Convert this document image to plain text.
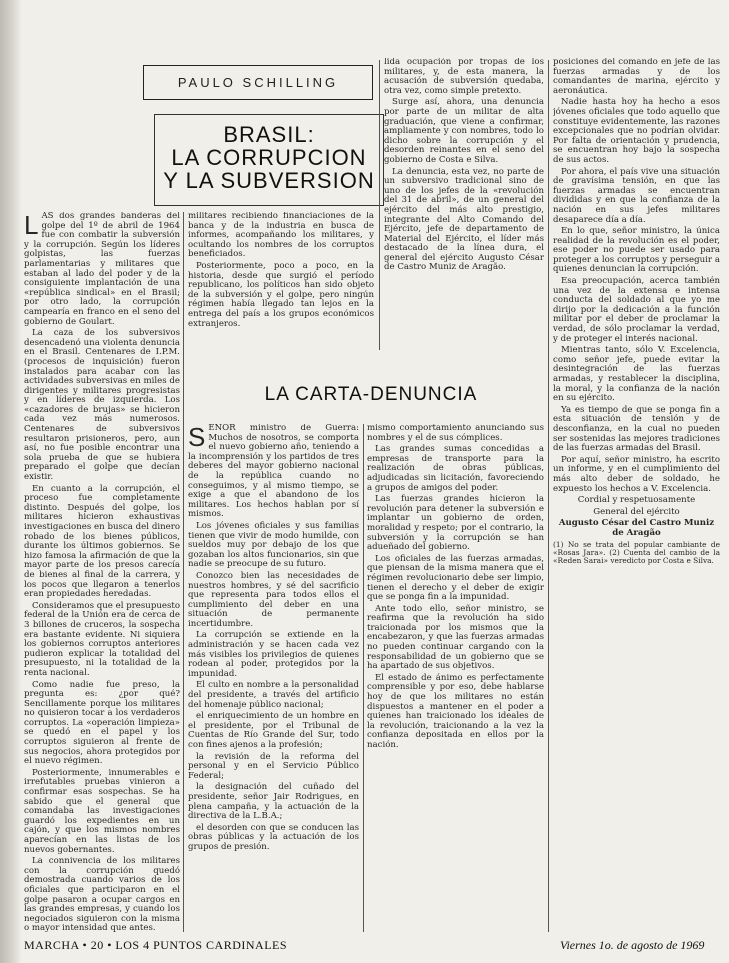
PAULO SCHILLING
BRASIL:
LA CORRUPCION
Y LA SUBVERSION

LAS dos grandes banderas del golpe del 1º de abril de 1964 fue con combatir la subversión y la corrupción. Según los líderes golpistas, las fuerzas parlamentarias y militares que estaban al lado del poder y de la consiguiente implantación de una «república sindical» en el Brasil; por otro lado, la corrupción campearía en franco en el seno del gobierno de Goulart.

La caza de los subversivos desencadenó una violenta denuncia en el Brasil. Centenares de I.P.M. (procesos de inquisición) fueron instalados para acabar con las actividades subversivas en miles de dirigentes y militares progresistas y en líderes de izquierda. Los «cazadores de brujas» se hicieron cada vez más numerosos. Centenares de subversivos resultaron prisioneros, pero, aun así, no fue posible encontrar una sola prueba de que se hubiera preparado el golpe que decían existir.

En cuanto a la corrupción, el proceso fue completamente distinto. Después del golpe, los militares hicieron exhaustivas investigaciones en busca del dinero robado de los bienes públicos, durante los últimos gobiernos. Se hizo famosa la afirmación de que la mayor parte de los presos carecía de bienes al final de la carrera, y los pocos que llegaron a tenerlos eran propiedades heredadas.

Consideramos que el presupuesto federal de la Unión era de cerca de 3 billones de cruceros, la sospecha era bastante evidente. Ni siquiera los gobiernos corruptos anteriores pudieron explicar la totalidad del presupuesto, ni la totalidad de la renta nacional.

Como nadie fue preso, la pregunta es: ¿por qué? Sencillamente porque los militares no quisieron tocar a los verdaderos corruptos. La «operación limpieza» se quedó en el papel y los corruptos siguieron al frente de sus negocios, ahora protegidos por el nuevo régimen.

Posteriormente, innumerables e irrefutables pruebas vinieron a confirmar esas sospechas. Se ha sabido que el general que comandaba las investigaciones guardó los expedientes en un cajón, y que los mismos nombres aparecían en las listas de los nuevos gobernantes.

La connivencia de los militares con la corrupción quedó demostrada cuando varios de los oficiales que participaron en el golpe pasaron a ocupar cargos en las grandes empresas, y cuando los negociados siguieron con la misma o mayor intensidad que antes.

militares recibiendo financiaciones de la banca y de la industria en busca de informes, acompañando los militares, y ocultando los nombres de los corruptos beneficiados.

Posteriormente, poco a poco, en la historia, desde que surgió el período republicano, los políticos han sido objeto de la subversión y el golpe, pero ningún régimen había llegado tan lejos en la entrega del país a los grupos económicos extranjeros.

lida ocupación por tropas de los militares, y, de esta manera, la acusación de subversión quedaba, otra vez, como simple pretexto.

Surge así, ahora, una denuncia por parte de un militar de alta graduación, que viene a confirmar, ampliamente y con nombres, todo lo dicho sobre la corrupción y el desorden reinantes en el seno del gobierno de Costa e Silva.

La denuncia, esta vez, no parte de un subversivo tradicional sino de uno de los jefes de la «revolución del 31 de abril», de un general del ejército del más alto prestigio, integrante del Alto Comando del Ejército, jefe de departamento de Material del Ejército, el líder más destacado de la línea dura, el general del ejército Augusto César de Castro Muniz de Aragão.

posiciones del comando en jefe de las fuerzas armadas y de los comandantes de marina, ejército y aeronáutica.

Nadie hasta hoy ha hecho a esos jóvenes oficiales que todo aquello que constituye evidentemente, las razones excepcionales que no podrían olvidar. Por falta de orientación y prudencia, se encuentran hoy bajo la sospecha de sus actos.

Por ahora, el país vive una situación de gravísima tensión, en que las fuerzas armadas se encuentran divididas y en que la confianza de la nación en sus jefes militares desaparece día a día.

En lo que, señor ministro, la única realidad de la revolución es el poder, ese poder no puede ser usado para proteger a los corruptos y perseguir a quienes denuncian la corrupción.

Esa preocupación, acerca también una vez de la extensa e intensa conducta del soldado al que yo me dirijo por la dedicación a la función militar por el deber de proclamar la verdad, de sólo proclamar la verdad, y de proteger el interés nacional.

Mientras tanto, sólo V. Excelencia, como señor jefe, puede evitar la desintegración de las fuerzas armadas, y restablecer la disciplina, la moral, y la confianza de la nación en su ejército.

Ya es tiempo de que se ponga fin a esta situación de tensión y de desconfianza, en la cual no pueden ser sostenidas las mejores tradiciones de las fuerzas armadas del Brasil.

Por aquí, señor ministro, ha escrito un informe, y en el cumplimiento del más alto deber de soldado, he expuesto los hechos a V. Excelencia.

Cordial y respetuosamente

General del ejército

Augusto César del Castro Muniz de Aragão

(1) No se trata del popular cambiante de «Rosas Jara». (2) Cuenta del cambio de la «Reden Sarai» veredicto por Costa e Silva.

LA CARTA-DENUNCIA

SEÑOR ministro de Guerra: Muchos de nosotros, se comporta el nuevo gobierno año, teniendo a la incomprensión y los partidos de tres deberes del mayor gobierno nacional de la república cuando no conseguimos, y al mismo tiempo, se exige a que el abandono de los militares. Los hechos hablan por sí mismos.

Los jóvenes oficiales y sus familias tienen que vivir de modo humilde, con sueldos muy por debajo de los que gozaban los altos funcionarios, sin que nadie se preocupe de su futuro.

Conozco bien las necesidades de nuestros hombres, y sé del sacrificio que representa para todos ellos el cumplimiento del deber en una situación de permanente incertidumbre.

La corrupción se extiende en la administración y se hacen cada vez más visibles los privilegios de quienes rodean al poder, protegidos por la impunidad.

El culto en nombre a la personalidad del presidente, a través del artificio del homenaje público nacional;

el enriquecimiento de un hombre en el presidente, por el Tribunal de Cuentas de Río Grande del Sur, todo con fines ajenos a la profesión;

la revisión de la reforma del personal y en el Servicio Público Federal;

la designación del cuñado del presidente, señor Jair Rodrigues, en plena campaña, y la actuación de la directiva de la L.B.A.;

el desorden con que se conducen las obras públicas y la actuación de los grupos de presión.

mismo comportamiento anunciando sus nombres y el de sus cómplices.

Las grandes sumas concedidas a empresas de transporte para la realización de obras públicas, adjudicadas sin licitación, favoreciendo a grupos de amigos del poder.

Las fuerzas grandes hicieron la revolución para detener la subversión e implantar un gobierno de orden, moralidad y respeto; por el contrario, la subversión y la corrupción se han adueñado del gobierno.

Los oficiales de las fuerzas armadas, que piensan de la misma manera que el régimen revolucionario debe ser limpio, tienen el derecho y el deber de exigir que se ponga fin a la impunidad.

Ante todo ello, señor ministro, se reafirma que la revolución ha sido traicionada por los mismos que la encabezaron, y que las fuerzas armadas no pueden continuar cargando con la responsabilidad de un gobierno que se ha apartado de sus objetivos.

El estado de ánimo es perfectamente comprensible y por eso, debe hablarse hoy de que los militares no están dispuestos a mantener en el poder a quienes han traicionado los ideales de la revolución, traicionando a la vez la confianza depositada en ellos por la nación.

MARCHA • 20 • LOS 4 PUNTOS CARDINALES	Viernes 1o. de agosto de 1969
